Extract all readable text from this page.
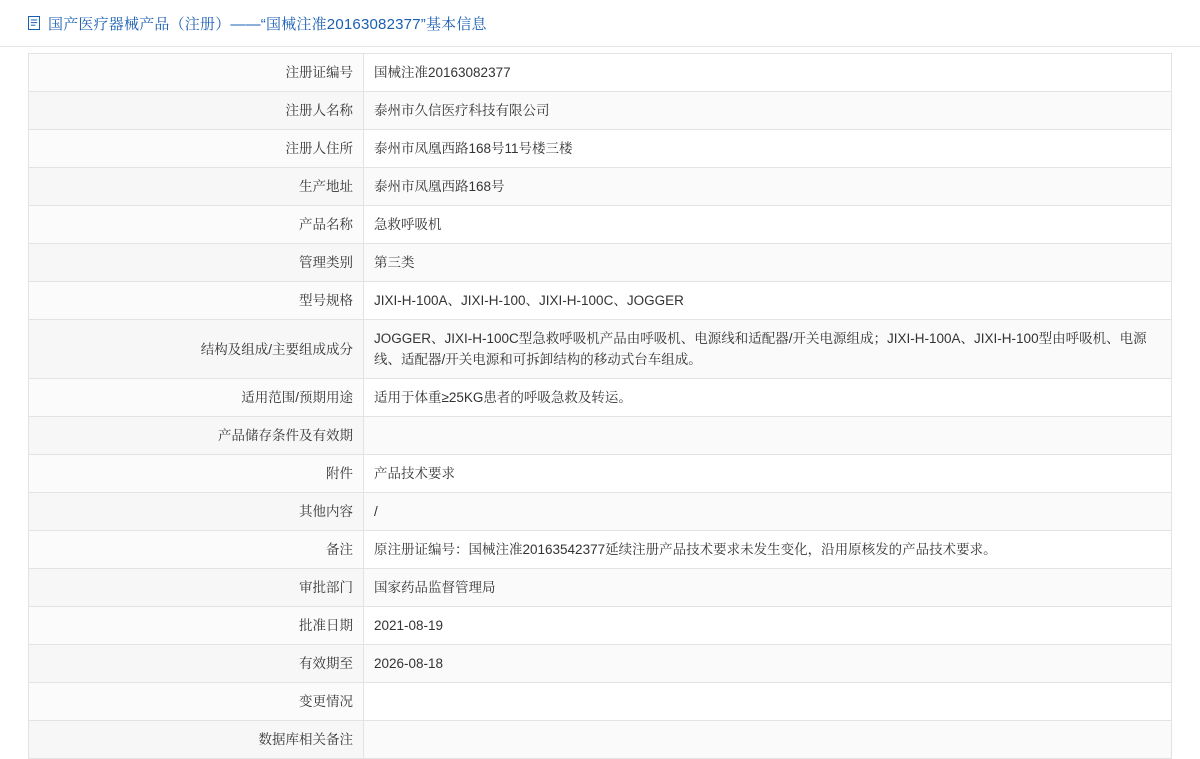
国产医疗器械产品（注册）——“国械注准20163082377”基本信息
注册证编号	国械注准20163082377
注册人名称	泰州市久信医疗科技有限公司
注册人住所	泰州市凤凰西路168号11号楼三楼
生产地址	泰州市凤凰西路168号
产品名称	急救呼吸机
管理类别	第三类
型号规格	JIXI-H-100A、JIXI-H-100、JIXI-H-100C、JOGGER
结构及组成/主要组成成分	JOGGER、JIXI-H-100C型急救呼吸机产品由呼吸机、电源线和适配器/开关电源组成；JIXI-H-100A、JIXI-H-100型由呼吸机、电源线、适配器/开关电源和可拆卸结构的移动式台车组成。
适用范围/预期用途	适用于体重≥25KG患者的呼吸急救及转运。
产品储存条件及有效期	
附件	产品技术要求
其他内容	/
备注	原注册证编号：国械注准20163542377延续注册产品技术要求未发生变化，沿用原核发的产品技术要求。
审批部门	国家药品监督管理局
批准日期	2021-08-19
有效期至	2026-08-18
变更情况	
数据库相关备注	
